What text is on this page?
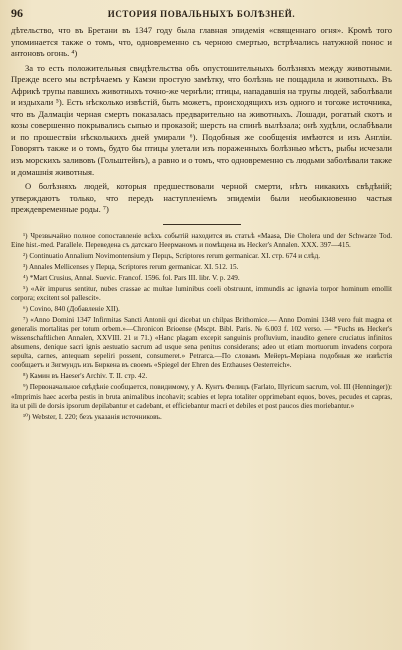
96	ИСТОРИЯ ПОВАЛЬНЫХЪ БОЛѢЗНЕЙ.

дѣтельство, что въ Бретани въ 1347 году была главная эпидемія «священнаго огня». Кромѣ того упоминается также о томъ, что, одновременно съ черною смертью, встрѣчались натужной понос и антоновъ огонь. ⁴)

За то есть положительныя свидѣтельства объ опустошительныхъ болѣзняхъ между животными. Прежде всего мы встрѣчаемъ у Камзи простую замѣтку, что болѣзнь не пощадила и животныхъ. Въ Африкѣ трупы павшихъ животныхъ точно-же чернѣли; птицы, нападавшія на трупы людей, заболѣвали и издыхали ⁵). Есть нѣсколько извѣстій, быть можетъ, происходящихъ изъ одного и тогоже источника, что въ Далмаціи черная смерть показалась предварительно на животныхъ. Лошади, рогатый скотъ и козы совершенно покрывались сыпью и проказой; шерсть на спинѣ вылѣзала; онѣ худѣли, ослабѣвали и по прошествіи нѣсколькихъ дней умирали ⁶). Подобныя же сообщенія имѣются и изъ Англіи. Говорятъ также и о томъ, будто бы птицы улетали изъ пораженныхъ болѣзнью мѣстъ, рыбы исчезали изъ морскихъ заливовъ (Гольштейнъ), а равно и о томъ, что одновременно съ людьми заболѣвали также и домашнія животныя.

О болѣзняхъ людей, которыя предшествовали черной смерти, нѣтъ никакихъ свѣдѣній; утверждаютъ только, что передъ наступленіемъ эпидеміи были необыкновенно частыя преждевременные роды. ⁷)

¹) Чрезвычайно полное сопоставленіе всѣхъ событій находится въ статьѣ «Maasa, Die Cholera und der Schwarze Tod. Eine hist.-med. Parallele. Переведена съ датскаго Нееpманомъ и помѣщена въ Hecker's Annalen. XXX. 397—415.

²) Continuatio Annalium Novimontensium у Перцъ, Scriptores rerum germanicar. XI. стр. 674 и слѣд.

³) Annales Mellicenses у Перца, Scriptores rerum germanicar. XI. 512. 15.

⁴) *Mart Crusius, Annal. Suevic. Francof. 1596. fol. Pars III. libr. V. p. 249.

⁵) «Aёr impurus sentitur, nubes crassae ac multae luminibus coeli obstruunt, immundis ac ignavia torpor hominum emollit corpora; excitent sol pallescit».

⁶) Covino, 840 (Добавленіе XII).

⁷) «Anno Domini 1347 Infirmitas Sancti Antonii qui dicebat un chilpas Brithomice.— Anno Domini 1348 vero fuit magna et generalis mortalitas per totum orbem.»—Chronicon Brioense (Mscpt. Bibl. Paris. № 6.003 f. 102 verso. — *Fuchs въ Hecker's wissenschaftlichen Annalen, XXVIII. 21 и 71.) «Hanc plagam excepit sanguinis profluvium, inaudito genere cruciatus infinitos absumens, denique sacri ignis aestuatio sacrum ad usque sena penitus considerans; adeo ut etiam mortuorum invadens corpora sepulta, carnes, antequam sepeliri possent, consumeret.» Petrarca.—По словамъ Мейеръ-Мерiана подобныя же извѣстія сообщаетъ и Зигмундъ изъ Биркена въ своемъ «Spiegel der Ehren des Erzhauses Oesterreich».

⁸) Камин въ Haeser's Archiv. Т. II. стр. 42.

⁹) Первоначальное свѣдѣніе сообщается, повидимому, у А. Кунтъ Фелицъ (Farlato, Illyricum sacrum, vol. III (Henninger)): «Imprimis haec acerba pestis in bruta animalibus incohavit; scabies et lepra totaliter opprimebant equos, boves, pecudes et capras, ita ut pili de dorsis ipsorum depilabantur et cadebant, et efficiebantur macri et debiles et post paucos dies moriebantur.»

¹⁰) Webster, I. 220; безъ указанія источниковъ.
